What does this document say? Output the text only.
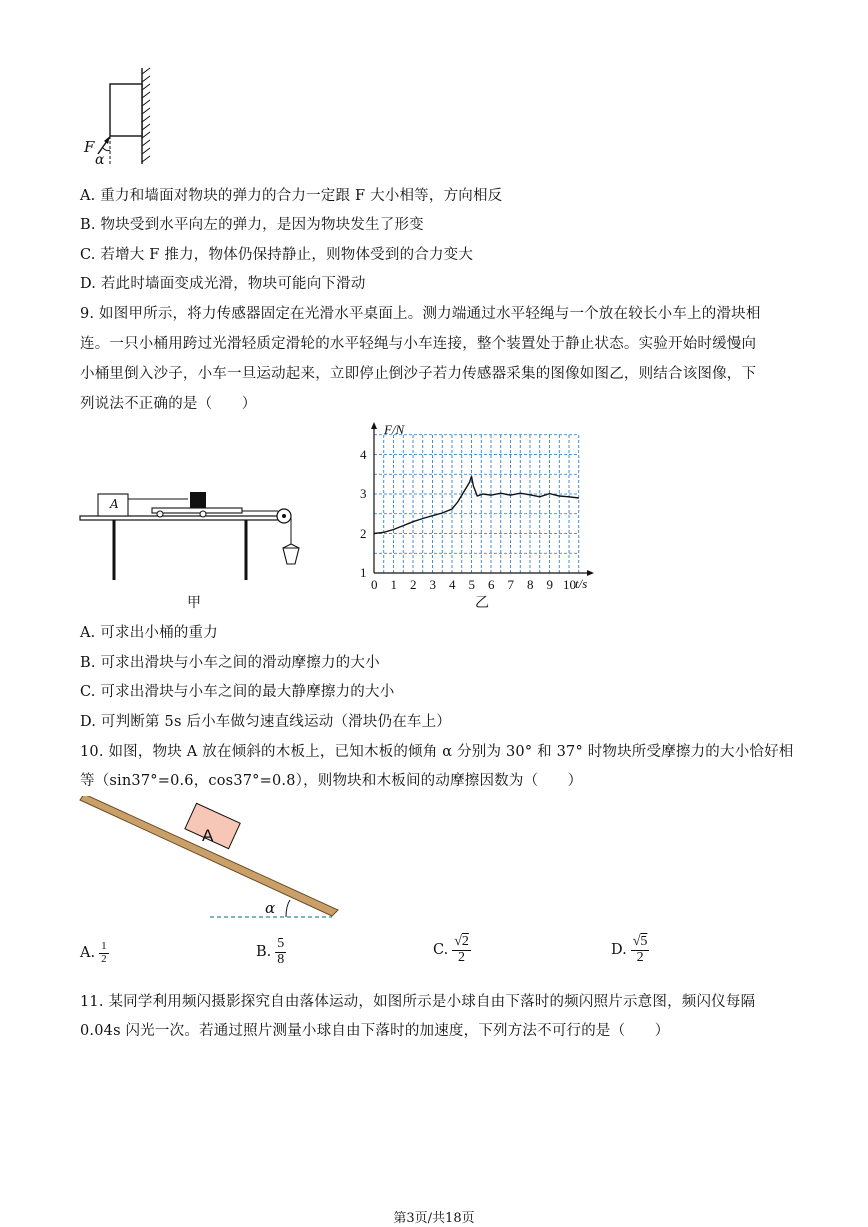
F
α
A. 重力和墙面对物块的弹力的合力一定跟 F 大小相等，方向相反
B. 物块受到水平向左的弹力，是因为物块发生了形变
C. 若增大 F 推力，物体仍保持静止，则物体受到的合力变大
D. 若此时墙面变成光滑，物块可能向下滑动
9. 如图甲所示，将力传感器固定在光滑水平桌面上。测力端通过水平轻绳与一个放在较长小车上的滑块相
连。一只小桶用跨过光滑轻质定滑轮的水平轻绳与小车连接，整个装置处于静止状态。实验开始时缓慢向
小桶里倒入沙子，小车一旦运动起来，立即停止倒沙子若力传感器采集的图像如图乙，则结合该图像，下
列说法不正确的是（　　）
A
甲
1
2
3
4
0 1 2 3 4 5 6 7 8 9 10
F/N
t/s
乙
A. 可求出小桶的重力
B. 可求出滑块与小车之间的滑动摩擦力的大小
C. 可求出滑块与小车之间的最大静摩擦力的大小
D. 可判断第 5s 后小车做匀速直线运动（滑块仍在车上）
10. 如图，物块 A 放在倾斜的木板上，已知木板的倾角 α 分别为 30° 和 37° 时物块所受摩擦力的大小恰好相
等（sin37°=0.6，cos37°=0.8），则物块和木板间的动摩擦因数为（　　）
A
α
A. $\frac{1}{2}$	B. $\frac{5}{8}$	C. $\frac{√2}{2}$	D. $\frac{√5}{2}$
11. 某同学利用频闪摄影探究自由落体运动，如图所示是小球自由下落时的频闪照片示意图，频闪仪每隔
0.04s 闪光一次。若通过照片测量小球自由下落时的加速度，下列方法不可行的是（　　）
第3页/共18页
